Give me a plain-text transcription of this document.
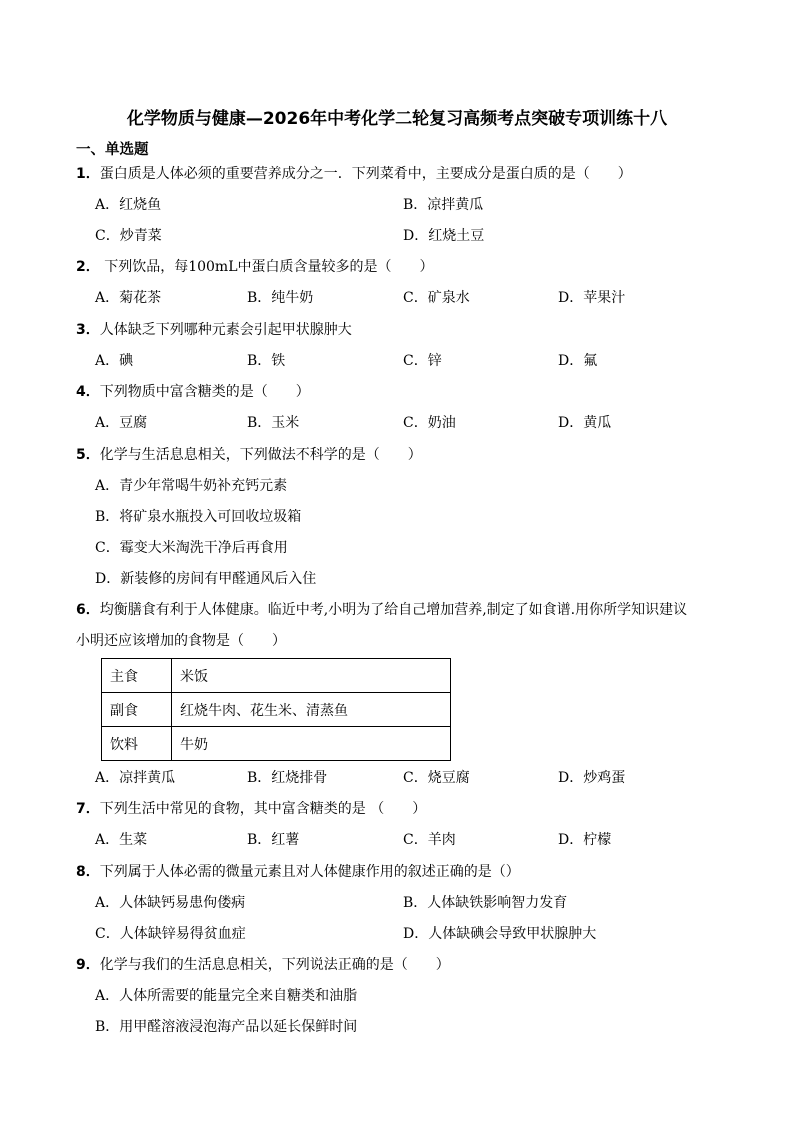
化学物质与健康—2026年中考化学二轮复习高频考点突破专项训练十八
一、单选题
1．蛋白质是人体必须的重要营养成分之一．下列菜肴中，主要成分是蛋白质的是（　　）
A．红烧鱼	B．凉拌黄瓜
C．炒青菜	D．红烧土豆
2． 下列饮品，每100mL中蛋白质含量较多的是（　　）
A．菊花茶	B．纯牛奶	C．矿泉水	D．苹果汁
3．人体缺乏下列哪种元素会引起甲状腺肿大
A．碘	B．铁	C．锌	D．氟
4．下列物质中富含糖类的是（　　）
A．豆腐	B．玉米	C．奶油	D．黄瓜
5．化学与生活息息相关，下列做法不科学的是（　　）
A．青少年常喝牛奶补充钙元素
B．将矿泉水瓶投入可回收垃圾箱
C．霉变大米淘洗干净后再食用
D．新装修的房间有甲醛通风后入住
6．均衡膳食有利于人体健康。临近中考,小明为了给自己增加营养,制定了如食谱.用你所学知识建议
小明还应该增加的食物是（　　）
主食	米饭
副食	红烧牛肉、花生米、清蒸鱼
饮料	牛奶
A．凉拌黄瓜	B．红烧排骨	C．烧豆腐	D．炒鸡蛋
7．下列生活中常见的食物，其中富含糖类的是 （　　）
A．生菜	B．红薯	C．羊肉	D．柠檬
8．下列属于人体必需的微量元素且对人体健康作用的叙述正确的是（）
A．人体缺钙易患佝偻病	B．人体缺铁影响智力发育
C．人体缺锌易得贫血症	D．人体缺碘会导致甲状腺肿大
9．化学与我们的生活息息相关，下列说法正确的是（　　）
A．人体所需要的能量完全来自糖类和油脂
B．用甲醛溶液浸泡海产品以延长保鲜时间
